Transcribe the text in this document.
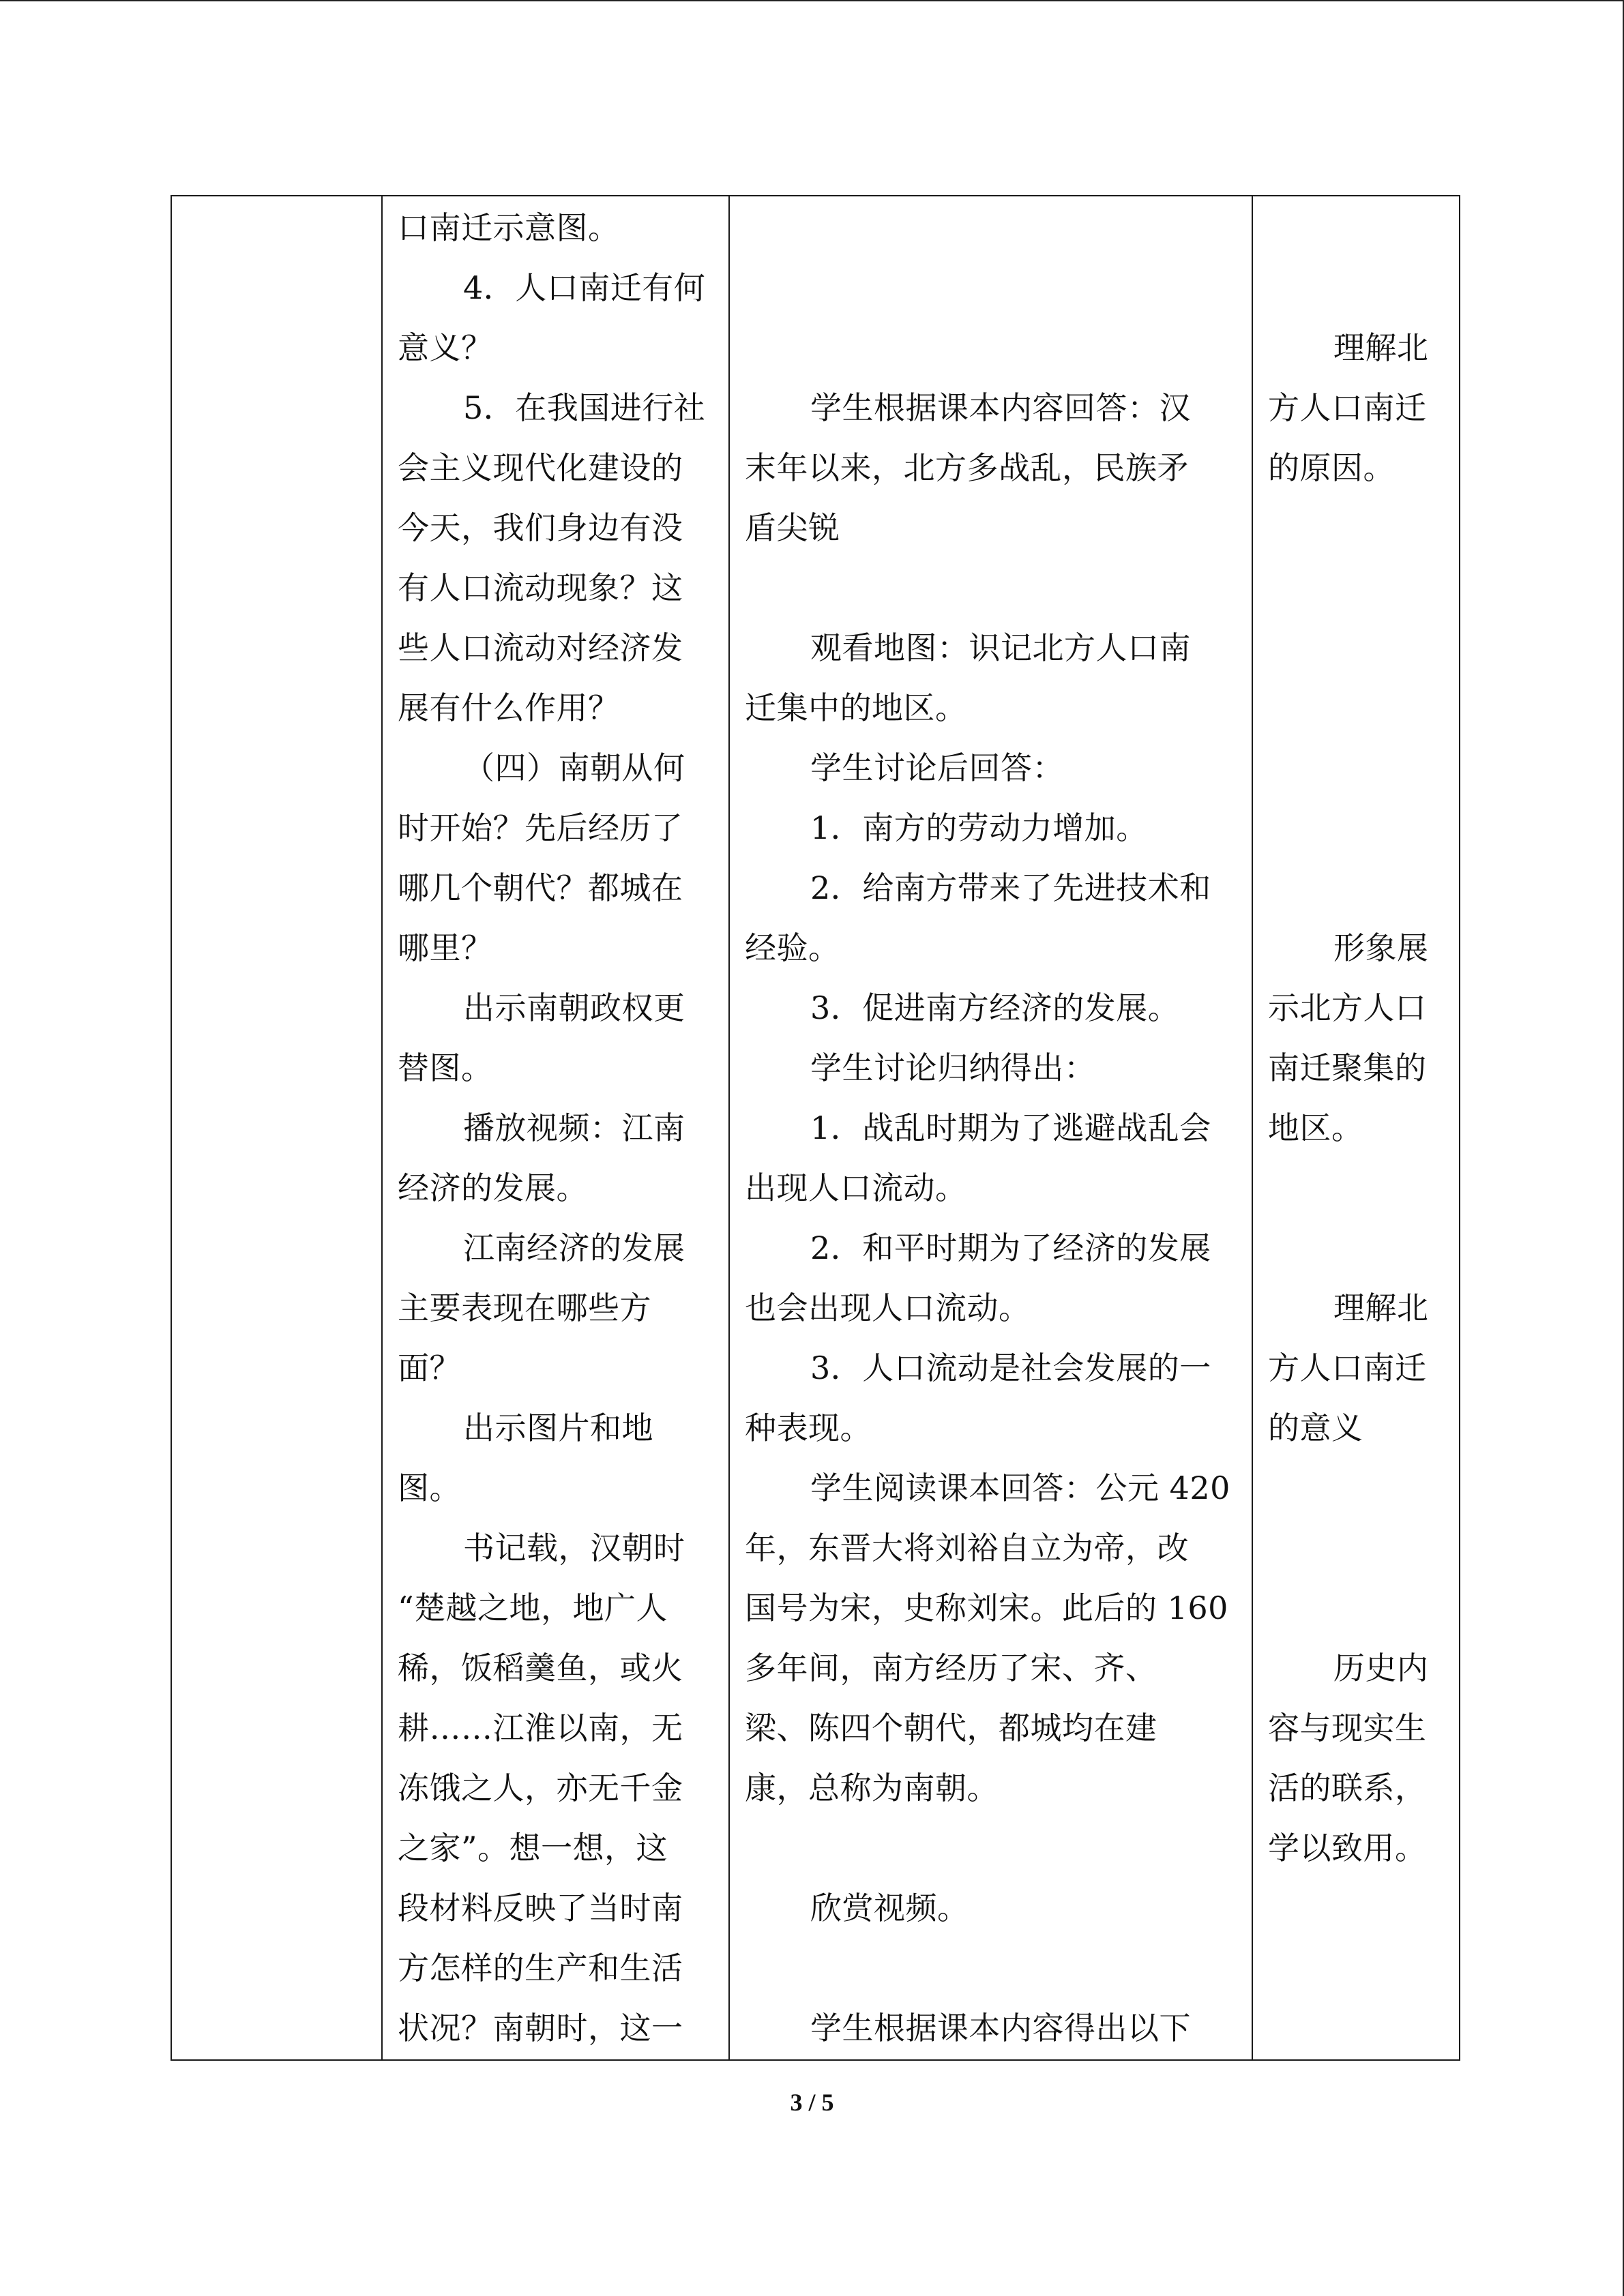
口南迁示意图。
4．人口南迁有何
意义？
5．在我国进行社
会主义现代化建设的
今天，我们身边有没
有人口流动现象？这
些人口流动对经济发
展有什么作用？
（四）南朝从何
时开始？先后经历了
哪几个朝代？都城在
哪里？
出示南朝政权更
替图。
播放视频：江南
经济的发展。
江南经济的发展
主要表现在哪些方
面？
出示图片和地
图。
书记载，汉朝时
“楚越之地，地广人
稀，饭稻羹鱼，或火
耕……江淮以南，无
冻饿之人，亦无千金
之家”。想一想，这
段材料反映了当时南
方怎样的生产和生活
状况？南朝时，这一

学生根据课本内容回答：汉
末年以来，北方多战乱，民族矛
盾尖锐
观看地图：识记北方人口南
迁集中的地区。
学生讨论后回答：
1．南方的劳动力增加。
2．给南方带来了先进技术和
经验。
3．促进南方经济的发展。
学生讨论归纳得出：
1．战乱时期为了逃避战乱会
出现人口流动。
2．和平时期为了经济的发展
也会出现人口流动。
3．人口流动是社会发展的一
种表现。
学生阅读课本回答：公元 420
年，东晋大将刘裕自立为帝，改
国号为宋，史称刘宋。此后的 160
多年间，南方经历了宋、齐、
梁、陈四个朝代，都城均在建
康，总称为南朝。
欣赏视频。
学生根据课本内容得出以下

理解北
方人口南迁
的原因。
形象展
示北方人口
南迁聚集的
地区。
理解北
方人口南迁
的意义
历史内
容与现实生
活的联系，
学以致用。
3 / 5
